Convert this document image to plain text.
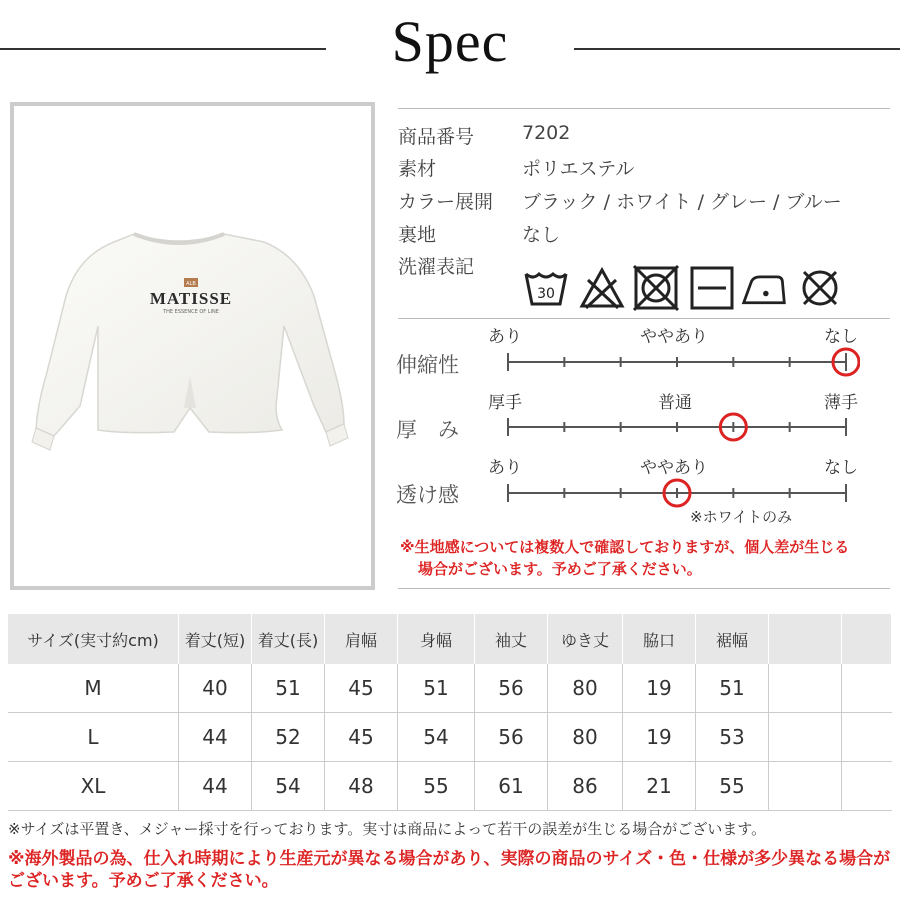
Spec
ALB
MATISSE
THE ESSENCE OF LINE
商品番号	7202
素材	ポリエステル
カラー展開 ブラック / ホワイト / グレー / ブルー
裏地	なし
洗濯表記
30
あり	ややあり	なし
伸縮性
厚手	普通	薄手
厚　み
あり	ややあり	なし
透け感
※ホワイトのみ
※生地感については複数人で確認しておりますが、個人差が生じる
場合がございます。予めご了承ください。
サイズ(実寸約cm)	着丈(短)	着丈(長)	肩幅	身幅	袖丈	ゆき丈	脇口	裾幅		
M	40	51	45	51	56	80	19	51		
L	44	52	45	54	56	80	19	53		
XL	44	54	48	55	61	86	21	55		
※サイズは平置き、メジャー採寸を行っております。実寸は商品によって若干の誤差が生じる場合がございます。
※海外製品の為、仕入れ時期により生産元が異なる場合があり、実際の商品のサイズ・色・仕様が多少異なる場合がございます。予めご了承ください。
